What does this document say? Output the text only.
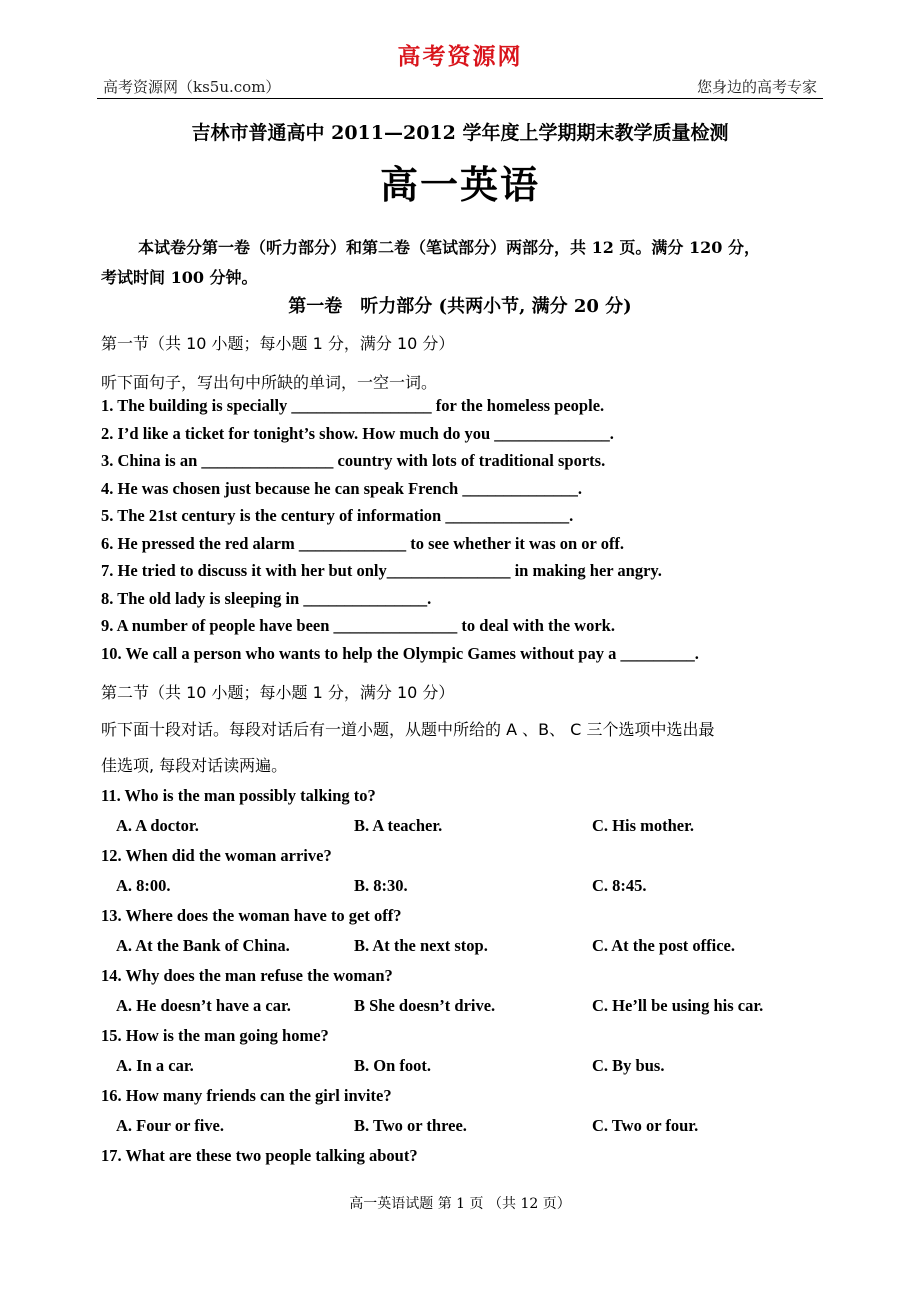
高考资源网
高考资源网（ks5u.com）	您身边的高考专家
吉林市普通高中 2011—2012 学年度上学期期末教学质量检测
高一英语
本试卷分第一卷（听力部分）和第二卷（笔试部分）两部分，共 12 页。满分 120 分，
考试时间 100 分钟。
第一卷　听力部分 (共两小节, 满分 20 分)
第一节（共 10 小题；每小题 1 分，满分 10 分）
听下面句子，写出句中所缺的单词，一空一词。
1. The building is specially _________________ for the homeless people.
2. I’d like a ticket for tonight’s show. How much do you ______________.
3. China is an ________________ country with lots of traditional sports.
4. He was chosen just because he can speak French ______________.
5. The 21st century is the century of information _______________.
6. He pressed the red alarm _____________ to see whether it was on or off.
7. He tried to discuss it with her but only_______________ in making her angry.
8. The old lady is sleeping in _______________.
9. A number of people have been _______________ to deal with the work.
10. We call a person who wants to help the Olympic Games without pay a _________.
第二节（共 10 小题；每小题 1 分，满分 10 分）
听下面十段对话。每段对话后有一道小题，从题中所给的 A 、B、 C 三个选项中选出最
佳选项, 每段对话读两遍。
11. Who is the man possibly talking to?
A. A doctor.	B. A teacher.	C. His mother.
12. When did the woman arrive?
A. 8:00.	B. 8:30.	C. 8:45.
13. Where does the woman have to get off?
A. At the Bank of China.	B. At the next stop.	C. At the post office.
14. Why does the man refuse the woman?
A. He doesn’t have a car.	B She doesn’t drive.	C. He’ll be using his car.
15. How is the man going home?
A. In a car.	B. On foot.	C. By bus.
16. How many friends can the girl invite?
A. Four or five.	B. Two or three.	C. Two or four.
17. What are these two people talking about?
高一英语试题 第 1 页 （共 12 页）
